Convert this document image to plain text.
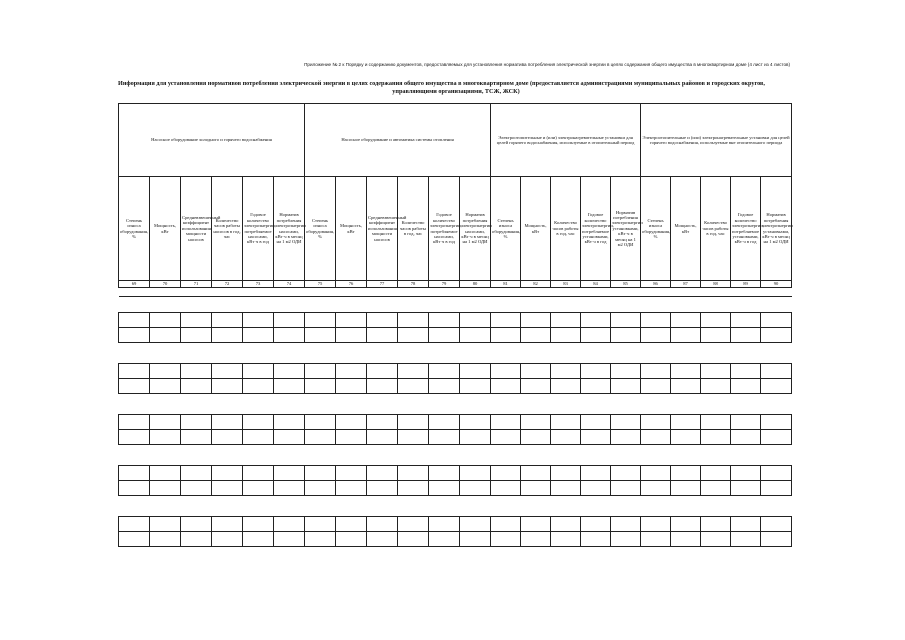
Приложение № 2 к Порядку и содержанию документов, предоставляемых для установления норматива потребления электрической энергии в целях содержания общего имущества в многоквартирном доме (4 лист из 4 листов)
Информация для установления нормативов потребления электрической энергии в целях содержания общего имущества в многоквартирном доме (предоставляется администрациями муниципальных районов и городских округов,
управляющими организациями, ТСЖ, ЖСК)
Насосное оборудование холодного и горячего водоснабжения						Насосное оборудование и автоматика системы отопления						Электроотопительные и (или) электронагревательные установки для целей горячего водоснабжения, используемые в отопительный период					Электроотопительные и (или) электронагревательные установки для целей горячего водоснабжения, используемые вне отопительного периода				
Степень износа оборудования, %	Мощность, кВт	Средневзвешенный коэффициент использования мощности насосов	Количество часов работы насосов в год, час	Годовое количество электроэнергии, потребляемое насосами, кВт·ч в год	Норматив потребления электроэнергии насосами, кВт·ч в месяц на 1 м2 ОДИ	Степень износа оборудования, %	Мощность, кВт	Средневзвешенный коэффициент использования мощности насосов	Количество часов работы в год, час	Годовое количество электроэнергии, потребляемое насосами, кВт·ч в год	Норматив потребления электроэнергии насосами, кВт·ч в месяц на 1 м2 ОДИ	Степень износа оборудования, %	Мощность, кВт	Количество часов работы в год, час	Годовое количество электроэнергии, потребляемое установками, кВт·ч в год	Норматив потребления электроэнергии установками, кВт·ч в месяц на 1 м2 ОДИ	Степень износа оборудования, %	Мощность, кВт	Количество часов работы в год, час	Годовое количество электроэнергии, потребляемое установками, кВт·ч в год	Норматив потребления электроэнергии установками, кВт·ч в месяц на 1 м2 ОДИ
69	70	71	72	73	74	75	76	77	78	79	80	81	82	83	84	85	86	87	88	89	90
